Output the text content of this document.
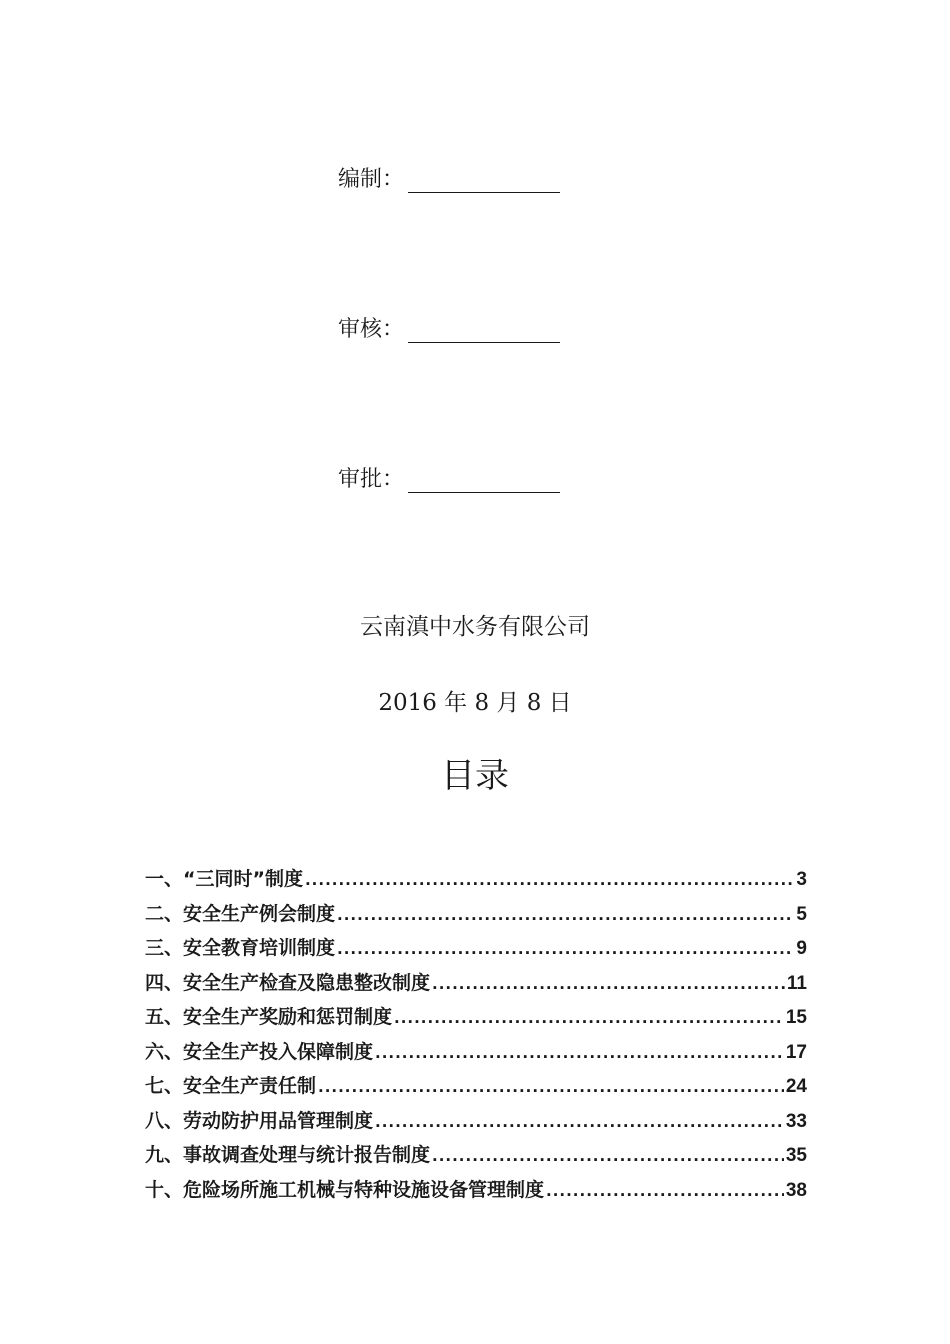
编制：
审核：
审批：
云南滇中水务有限公司
2016 年 8 月 8 日
目录
一、“三同时”制度 .....	3
二、安全生产例会制度 .....	5
三、安全教育培训制度 .....	9
四、安全生产检查及隐患整改制度 .....	11
五、安全生产奖励和惩罚制度 .....	15
六、安全生产投入保障制度 .....	17
七、安全生产责任制 .....	24
八、劳动防护用品管理制度 .....	33
九、事故调查处理与统计报告制度 .....	35
十、危险场所施工机械与特种设施设备管理制度 .....	38
